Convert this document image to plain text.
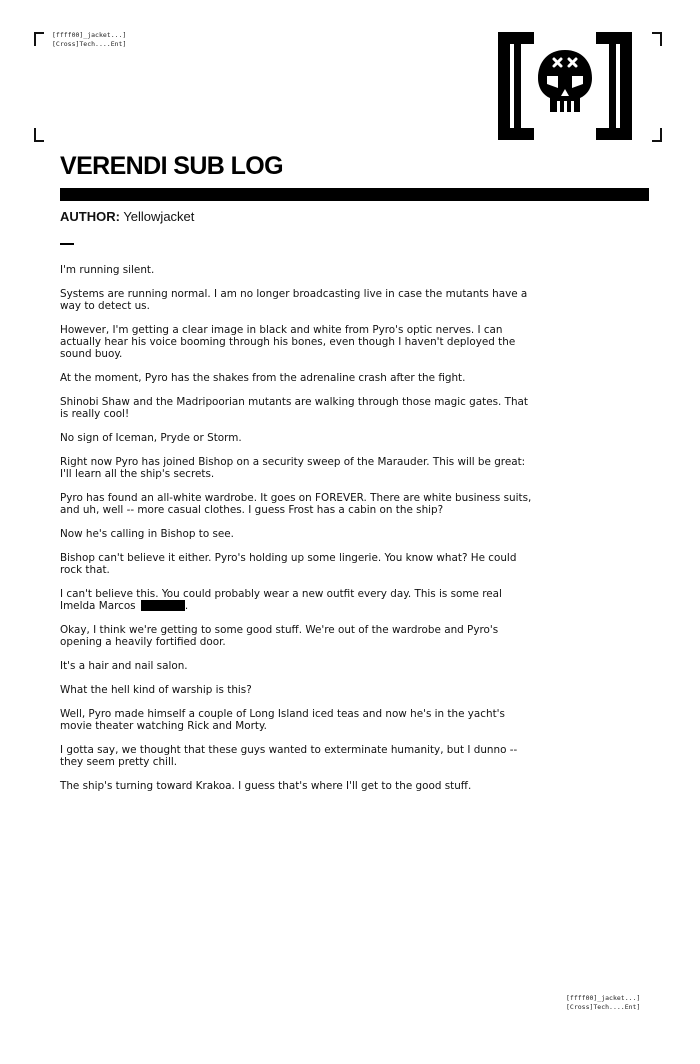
[ffff00]_jacket...]
[Cross]Tech....Ent]
VERENDI SUB LOG
AUTHOR: Yellowjacket

I'm running silent.

Systems are running normal. I am no longer broadcasting live in case the mutants have a way to detect us.

However, I'm getting a clear image in black and white from Pyro's optic nerves. I can actually hear his voice booming through his bones, even though I haven't deployed the sound buoy.

At the moment, Pyro has the shakes from the adrenaline crash after the fight.

Shinobi Shaw and the Madripoorian mutants are walking through those magic gates. That is really cool!

No sign of Iceman, Pryde or Storm.

Right now Pyro has joined Bishop on a security sweep of the Marauder. This will be great: I'll learn all the ship's secrets.

Pyro has found an all-white wardrobe. It goes on FOREVER. There are white business suits, and uh, well -- more casual clothes. I guess Frost has a cabin on the ship?

Now he's calling in Bishop to see.

Bishop can't believe it either. Pyro's holding up some lingerie. You know what? He could rock that.

I can't believe this. You could probably wear a new outfit every day. This is some real Imelda Marcos	.

Okay, I think we're getting to some good stuff. We're out of the wardrobe and Pyro's opening a heavily fortified door.

It's a hair and nail salon.

What the hell kind of warship is this?

Well, Pyro made himself a couple of Long Island iced teas and now he's in the yacht's movie theater watching Rick and Morty.

I gotta say, we thought that these guys wanted to exterminate humanity, but I dunno -- they seem pretty chill.

The ship's turning toward Krakoa. I guess that's where I'll get to the good stuff.

[ffff00]_jacket...]
[Cross]Tech....Ent]
